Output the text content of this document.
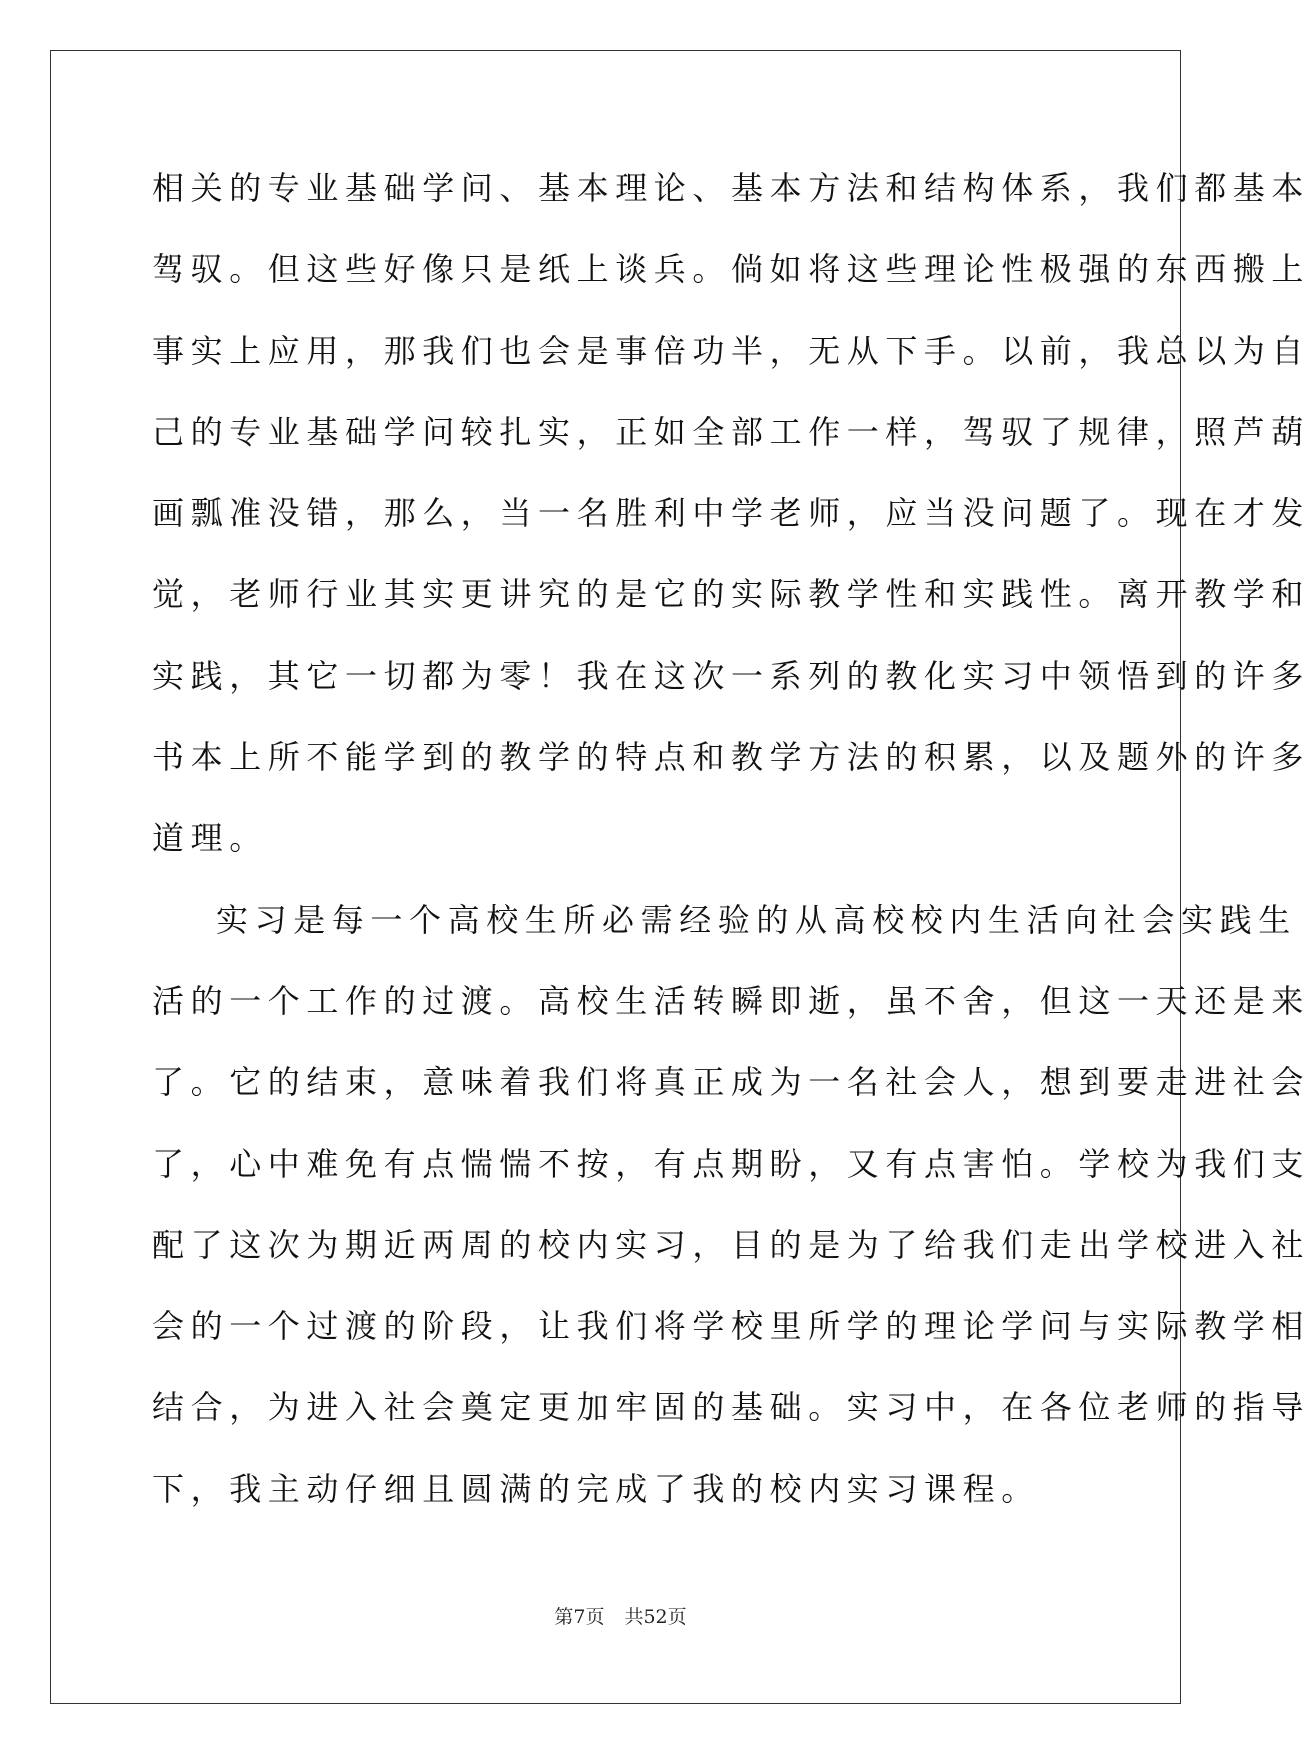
相关的专业基础学问、基本理论、基本方法和结构体系，我们都基本
驾驭。但这些好像只是纸上谈兵。倘如将这些理论性极强的东西搬上
事实上应用，那我们也会是事倍功半，无从下手。以前，我总以为自
己的专业基础学问较扎实，正如全部工作一样，驾驭了规律，照芦葫
画瓢准没错，那么，当一名胜利中学老师，应当没问题了。现在才发
觉，老师行业其实更讲究的是它的实际教学性和实践性。离开教学和
实践，其它一切都为零！我在这次一系列的教化实习中领悟到的许多
书本上所不能学到的教学的特点和教学方法的积累，以及题外的许多
道理。
实习是每一个高校生所必需经验的从高校校内生活向社会实践生
活的一个工作的过渡。高校生活转瞬即逝，虽不舍，但这一天还是来
了。它的结束，意味着我们将真正成为一名社会人，想到要走进社会
了，心中难免有点惴惴不按，有点期盼，又有点害怕。学校为我们支
配了这次为期近两周的校内实习，目的是为了给我们走出学校进入社
会的一个过渡的阶段，让我们将学校里所学的理论学问与实际教学相
结合，为进入社会奠定更加牢固的基础。实习中，在各位老师的指导
下，我主动仔细且圆满的完成了我的校内实习课程。
第7页 共52页
